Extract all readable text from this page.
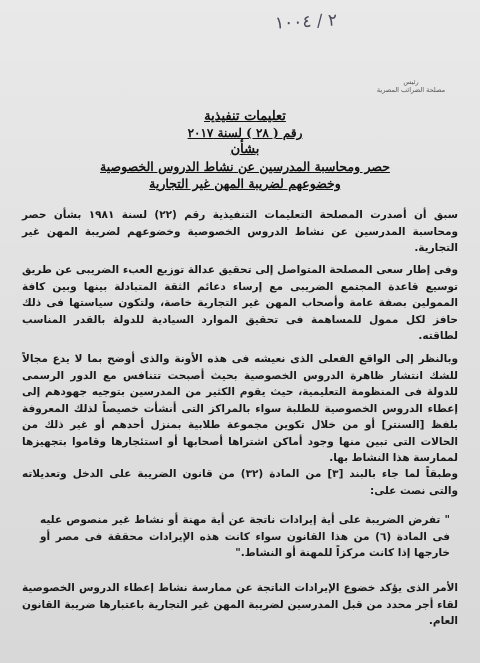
٢ / ١٠٠٤
رئيس
مصلحة الضرائب المصرية
تعليمات تنفيذية
رقم ( ٢٨ ) لسنة ٢٠١٧
بشأن
حصر ومحاسبة المدرسين عن نشاط الدروس الخصوصية
وخضوعهم لضريبة المهن غير التجارية
سبق أن أصدرت المصلحة التعليمات التنفيذية رقم (٢٢) لسنة ١٩٨١ بشأن حصر ومحاسبة المدرسين عن نشاط الدروس الخصوصية وخضوعهم لضريبة المهن غير التجارية.
وفى إطار سعى المصلحة المتواصل إلى تحقيق عدالة توزيع العبء الضريبى عن طريق توسيع قاعدة المجتمع الضريبى مع إرساء دعائم الثقة المتبادلة بينها وبين كافة الممولين بصفة عامة وأصحاب المهن غير التجارية خاصة، ولتكون سياستها فى ذلك حافز لكل ممول للمساهمة فى تحقيق الموارد السيادية للدولة بالقدر المناسب لطاقته.
وبالنظر إلى الواقع الفعلى الذى نعيشه فى هذه الأونة والذى أوضح بما لا يدع مجالاً للشك انتشار ظاهرة الدروس الخصوصية بحيث أصبحت تتنافس مع الدور الرسمى للدولة فى المنظومة التعليمية، حيث يقوم الكثير من المدرسين بتوجيه جهودهم إلى إعطاء الدروس الخصوصية للطلبة سواء بالمراكز التى أنشأت خصيصاً لذلك المعروفة بلفظ [السنتر] أو من خلال تكوين مجموعة طلابية بمنزل أحدهم أو غير ذلك من الحالات التى تبين منها وجود أماكن اشتراها أصحابها أو استئجارها وقاموا بتجهيزها لممارسة هذا النشاط بها.
وطبقاً لما جاء بالبند [٣] من المادة (٣٢) من قانون الضريبة على الدخل وتعديلاته والتى نصت على:
" تفرض الضريبة على أية إيرادات ناتجة عن أية مهنة أو نشاط غير منصوص عليه فى المادة (٦) من هذا القانون سواء كانت هذه الإيرادات محققة فى مصر أو خارجها إذا كانت مركزاً للمهنة أو النشاط."
الأمر الذى يؤكد خضوع الإيرادات الناتجة عن ممارسة نشاط إعطاء الدروس الخصوصية لقاء أجر محدد من قبل المدرسين لضريبة المهن غير التجارية باعتبارها ضريبة القانون العام.
